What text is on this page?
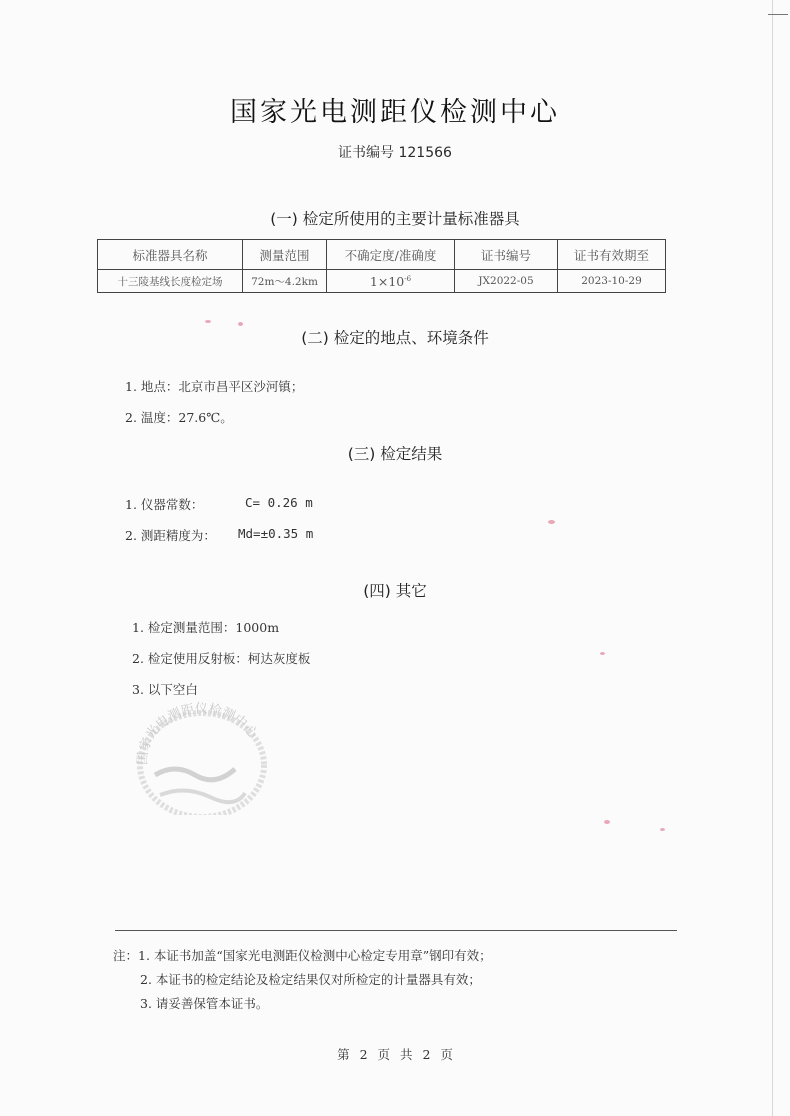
国家光电测距仪检测中心
证书编号 121566
(一) 检定所使用的主要计量标准器具
标准器具名称	测量范围	不确定度/准确度	证书编号	证书有效期至
十三陵基线长度检定场	72m～4.2km	$1\times 10^{-6}$	JX2022-05	2023-10-29
(二) 检定的地点、环境条件
1. 地点：北京市昌平区沙河镇；
2. 温度：27.6℃。
(三) 检定结果
1. 仪器常数：	C= 0.26 m
2. 测距精度为： Md=±0.35 m
(四) 其它
1. 检定测量范围：1000m
2. 检定使用反射板：柯达灰度板
3. 以下空白
国家光电测距仪检测中心
注：1. 本证书加盖“国家光电测距仪检测中心检定专用章”钢印有效；
2. 本证书的检定结论及检定结果仅对所检定的计量器具有效；
3. 请妥善保管本证书。
第 2 页 共 2 页
